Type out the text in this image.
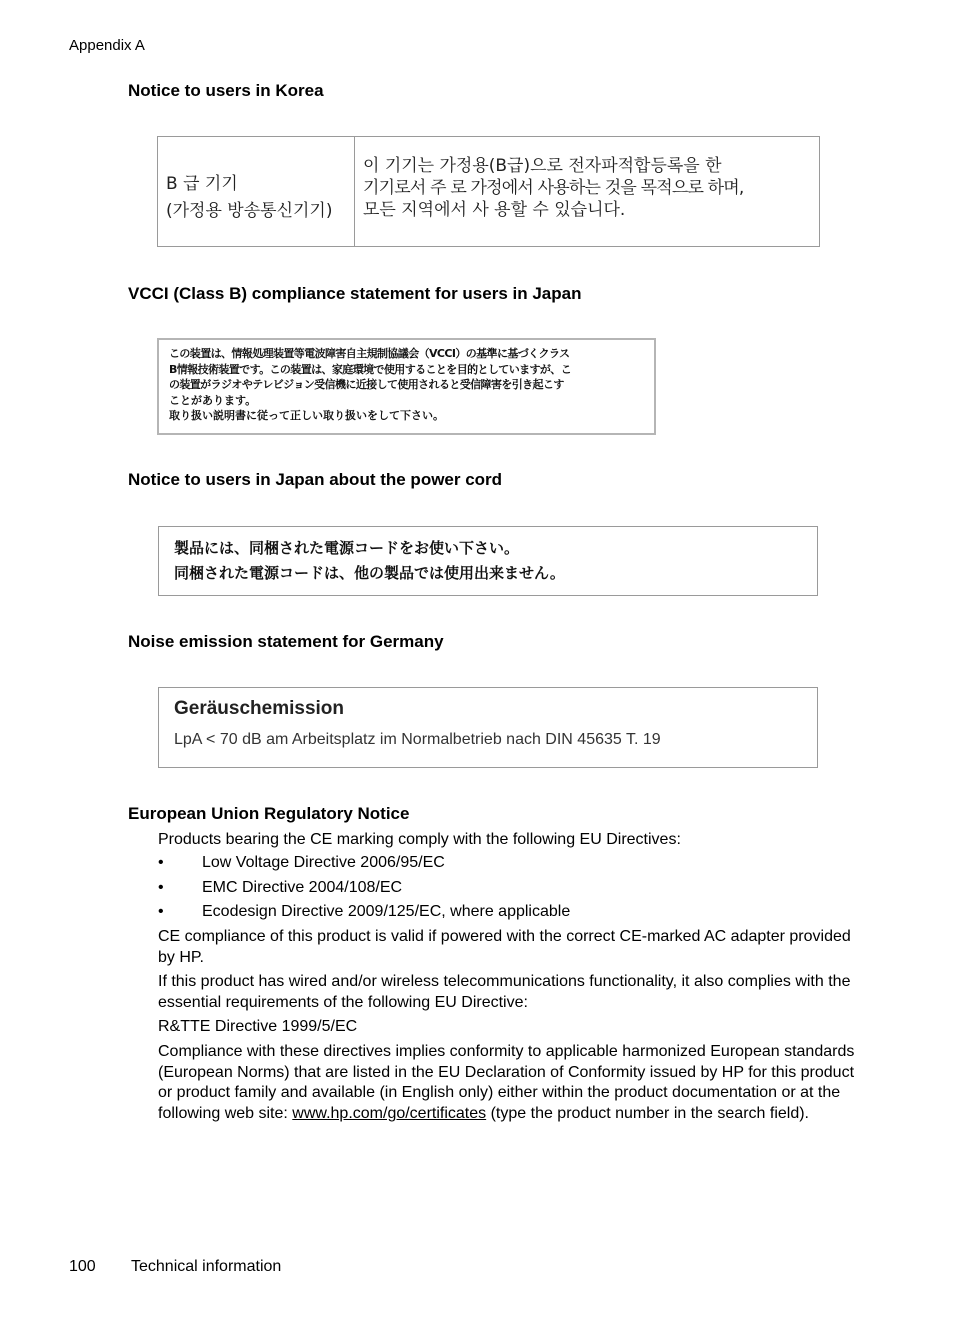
Appendix A
Notice to users in Korea
B 급 기기
(가정용 방송통신기기)
이 기기는 가정용(B급)으로 전자파적합등록을 한
기기로서 주 로 가정에서 사용하는 것을 목적으로 하며,
모든 지역에서 사 용할 수 있습니다.
VCCI (Class B) compliance statement for users in Japan
この装置は、情報処理装置等電波障害自主規制協議会（VCCI）の基準に基づくクラス
B情報技術装置です。この装置は、家庭環境で使用することを目的としていますが、こ
の装置がラジオやテレビジョン受信機に近接して使用されると受信障害を引き起こす
ことがあります。
取り扱い説明書に従って正しい取り扱いをして下さい。
Notice to users in Japan about the power cord
製品には、同梱された電源コードをお使い下さい。
同梱された電源コードは、他の製品では使用出来ません。
Noise emission statement for Germany
Geräuschemission
LpA < 70 dB am Arbeitsplatz im Normalbetrieb nach DIN 45635 T. 19
European Union Regulatory Notice
Products bearing the CE marking comply with the following EU Directives:
• Low Voltage Directive 2006/95/EC
• EMC Directive 2004/108/EC
• Ecodesign Directive 2009/125/EC, where applicable
CE compliance of this product is valid if powered with the correct CE-marked AC adapter provided by HP.
If this product has wired and/or wireless telecommunications functionality, it also complies with the essential requirements of the following EU Directive:
R&TTE Directive 1999/5/EC
Compliance with these directives implies conformity to applicable harmonized European standards (European Norms) that are listed in the EU Declaration of Conformity issued by HP for this product or product family and available (in English only) either within the product documentation or at the following web site: www.hp.com/go/certificates (type the product number in the search field).
100 Technical information
